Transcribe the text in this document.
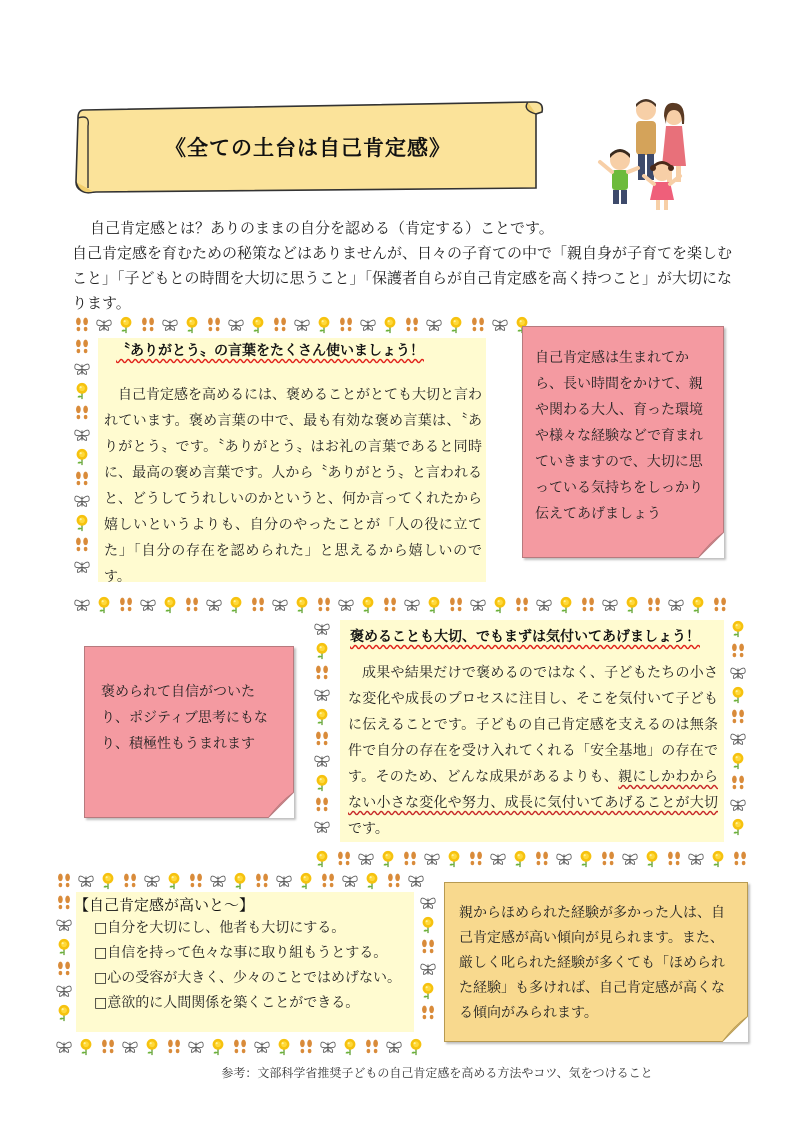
《全ての土台は自己肯定感》

自己肯定感とは？ありのままの自分を認める（肯定する）ことです。

自己肯定感を育むための秘策などはありませんが、日々の子育ての中で「親自身が子育てを楽しむこと」「子どもとの時間を大切に思うこと」「保護者自らが自己肯定感を高く持つこと」が大切になります。

〝ありがとう〟の言葉をたくさん使いましょう！

自己肯定感を高めるには、褒めることがとても大切と言われています。褒め言葉の中で、最も有効な褒め言葉は、〝ありがとう〟です。〝ありがとう〟はお礼の言葉であると同時に、最高の褒め言葉です。人から〝ありがとう〟と言われると、どうしてうれしいのかというと、何か言ってくれたから嬉しいというよりも、自分のやったことが「人の役に立てた」「自分の存在を認められた」と思えるから嬉しいのです。

自己肯定感は生まれてから、長い時間をかけて、親や関わる大人、育った環境や様々な経験などで育まれていきますので、大切に思っている気持ちをしっかり伝えてあげましょう

褒めることも大切、でもまずは気付いてあげましょう！

成果や結果だけで褒めるのではなく、子どもたちの小さな変化や成長のプロセスに注目し、そこを気付いて子どもに伝えることです。子どもの自己肯定感を支えるのは無条件で自分の存在を受け入れてくれる「安全基地」の存在です。そのため、どんな成果があるよりも、親にしかわからない小さな変化や努力、成長に気付いてあげることが大切です。

褒められて自信がついたり、ポジティブ思考にもなり、積極性もうまれます

【自己肯定感が高いと～】
□自分を大切にし、他者も大切にする。
□自信を持って色々な事に取り組もうとする。
□心の受容が大きく、少々のことではめげない。
□意欲的に人間関係を築くことができる。

親からほめられた経験が多かった人は、自己肯定感が高い傾向が見られます。また、厳しく叱られた経験が多くても「ほめられた経験」も多ければ、自己肯定感が高くなる傾向がみられます。

参考：文部科学省推奨子どもの自己肯定感を高める方法やコツ、気をつけること
